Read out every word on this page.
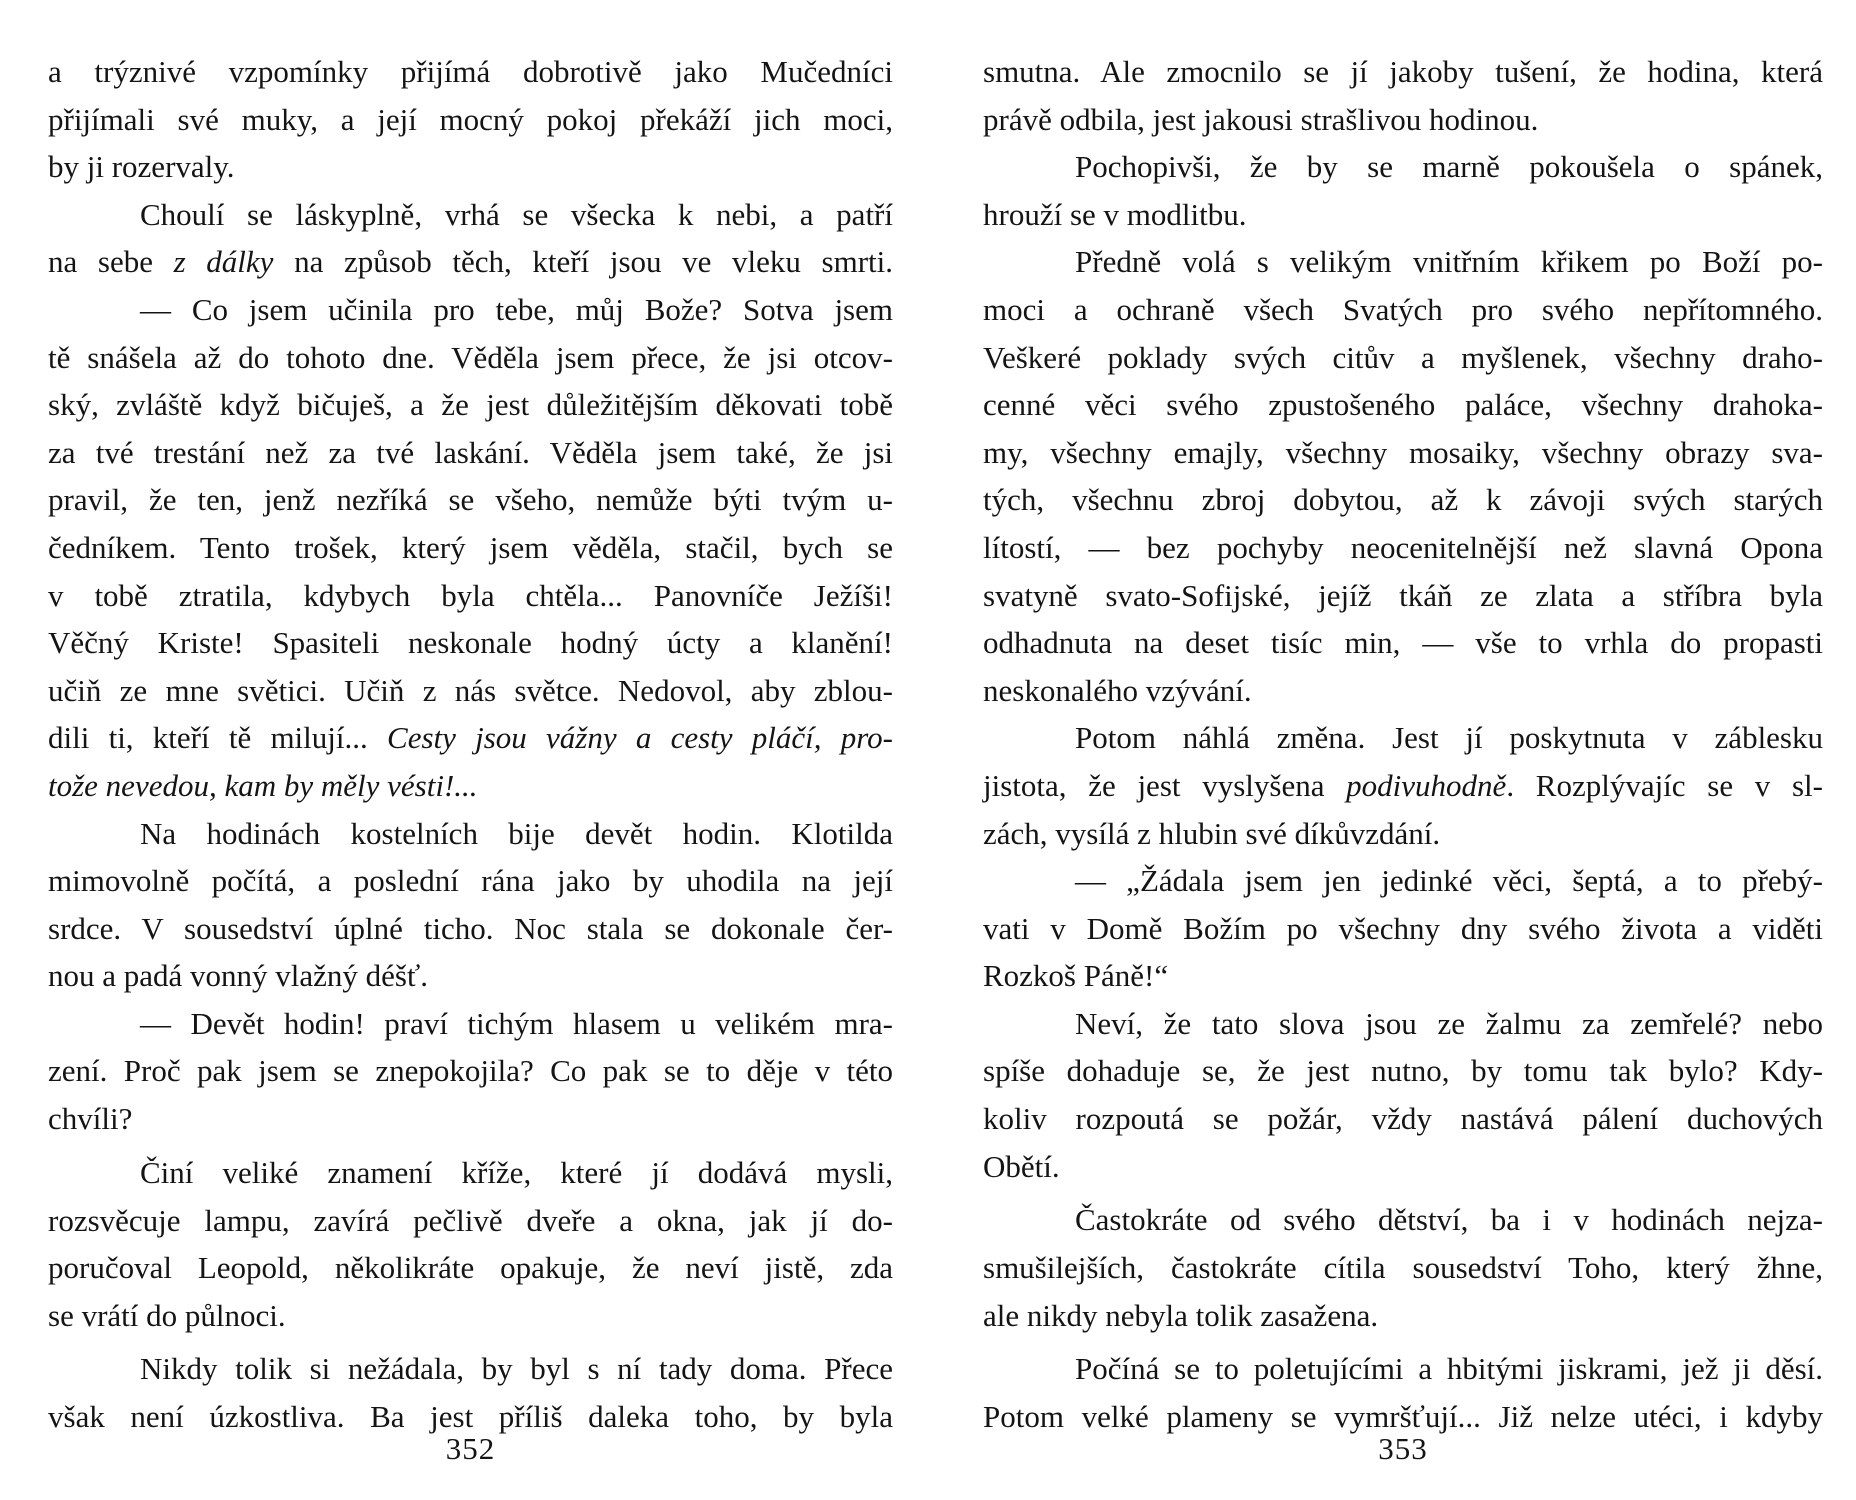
a trýznivé vzpomínky přijímá dobrotivě jako Mučedníci
přijímali své muky, a její mocný pokoj překáží jich moci,
by ji rozervaly.
Choulí se láskyplně, vrhá se všecka k nebi, a patří
na sebe z dálky na způsob těch, kteří jsou ve vleku smrti.
— Co jsem učinila pro tebe, můj Bože? Sotva jsem
tě snášela až do tohoto dne. Věděla jsem přece, že jsi otcov-
ský, zvláště když bičuješ, a že jest důležitějším děkovati tobě
za tvé trestání než za tvé laskání. Věděla jsem také, že jsi
pravil, že ten, jenž nezříká se všeho, nemůže býti tvým u-
čedníkem. Tento trošek, který jsem věděla, stačil, bych se
v tobě ztratila, kdybych byla chtěla... Panovníče Ježíši!
Věčný Kriste! Spasiteli neskonale hodný úcty a klanění!
učiň ze mne světici. Učiň z nás světce. Nedovol, aby zblou-
dili ti, kteří tě milují... Cesty jsou vážny a cesty pláčí, pro-
tože nevedou, kam by měly vésti!...
Na hodinách kostelních bije devět hodin. Klotilda
mimovolně počítá, a poslední rána jako by uhodila na její
srdce. V sousedství úplné ticho. Noc stala se dokonale čer-
nou a padá vonný vlažný déšť.
— Devět hodin! praví tichým hlasem u velikém mra-
zení. Proč pak jsem se znepokojila? Co pak se to děje v této
chvíli?
Činí veliké znamení kříže, které jí dodává mysli,
rozsvěcuje lampu, zavírá pečlivě dveře a okna, jak jí do-
poručoval Leopold, několikráte opakuje, že neví jistě, zda
se vrátí do půlnoci.
Nikdy tolik si nežádala, by byl s ní tady doma. Přece
však není úzkostliva. Ba jest příliš daleka toho, by byla
352
smutna. Ale zmocnilo se jí jakoby tušení, že hodina, která
právě odbila, jest jakousi strašlivou hodinou.
Pochopivši, že by se marně pokoušela o spánek,
hrouží se v modlitbu.
Předně volá s velikým vnitřním křikem po Boží po-
moci a ochraně všech Svatých pro svého nepřítomného.
Veškeré poklady svých citův a myšlenek, všechny draho-
cenné věci svého zpustošeného paláce, všechny drahoka-
my, všechny emajly, všechny mosaiky, všechny obrazy sva-
tých, všechnu zbroj dobytou, až k závoji svých starých
lítostí, — bez pochyby neocenitelnější než slavná Opona
svatyně svato-Sofijské, jejíž tkáň ze zlata a stříbra byla
odhadnuta na deset tisíc min, — vše to vrhla do propasti
neskonalého vzývání.
Potom náhlá změna. Jest jí poskytnuta v záblesku
jistota, že jest vyslyšena podivuhodně. Rozplývajíc se v sl-
zách, vysílá z hlubin své díkůvzdání.
— „Žádala jsem jen jedinké věci, šeptá, a to přebý-
vati v Domě Božím po všechny dny svého života a viděti
Rozkoš Páně!“
Neví, že tato slova jsou ze žalmu za zemřelé? nebo
spíše dohaduje se, že jest nutno, by tomu tak bylo? Kdy-
koliv rozpoutá se požár, vždy nastává pálení duchových
Obětí.
Častokráte od svého dětství, ba i v hodinách nejza-
smušilejších, častokráte cítila sousedství Toho, který žhne,
ale nikdy nebyla tolik zasažena.
Počíná se to poletujícími a hbitými jiskrami, jež ji děsí.
Potom velké plameny se vymršťují... Již nelze utéci, i kdyby
353
